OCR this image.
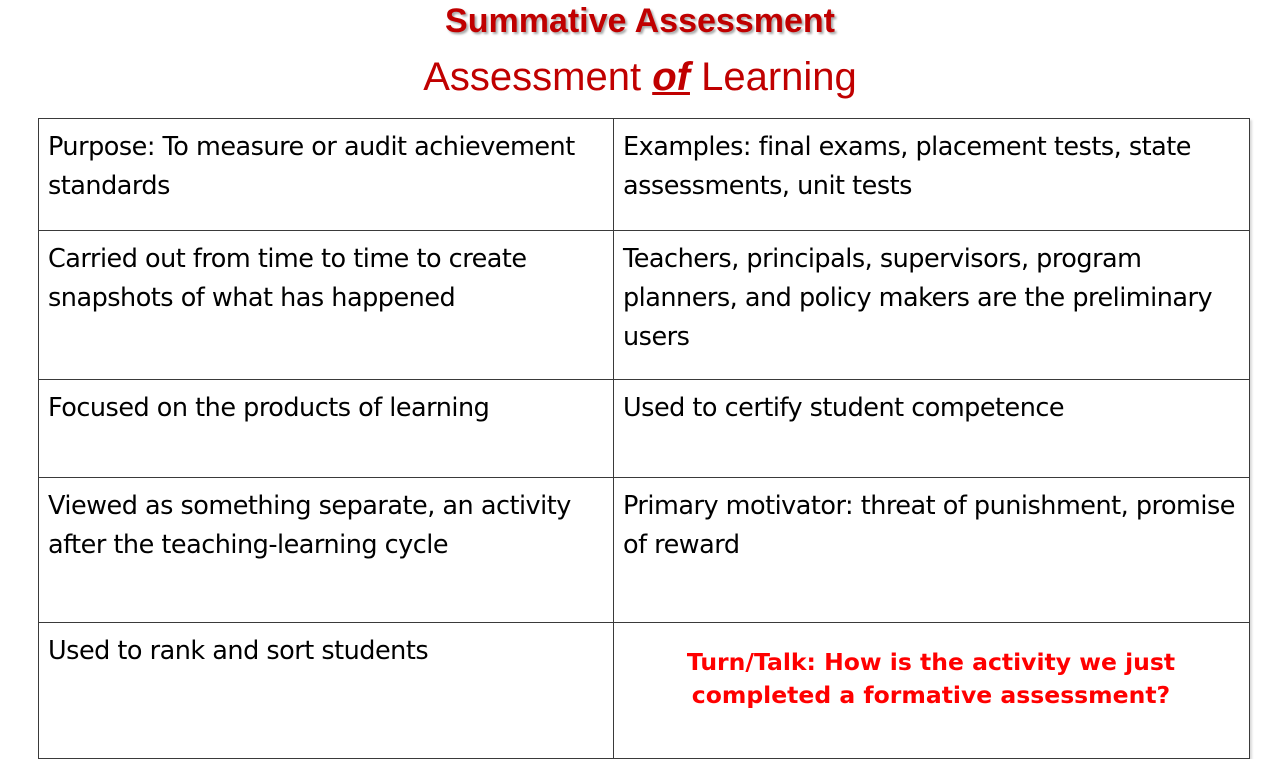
Summative Assessment
Assessment of Learning
Purpose: To measure or audit achievement standards	Examples: final exams, placement tests, state assessments, unit tests
Carried out from time to time to create snapshots of what has happened	Teachers, principals, supervisors, program planners, and policy makers are the preliminary users
Focused on the products of learning	Used to certify student competence
Viewed as something separate, an activity after the teaching-learning cycle	Primary motivator: threat of punishment, promise of reward
Used to rank and sort students	Turn/Talk: How is the activity we just completed a formative assessment?
